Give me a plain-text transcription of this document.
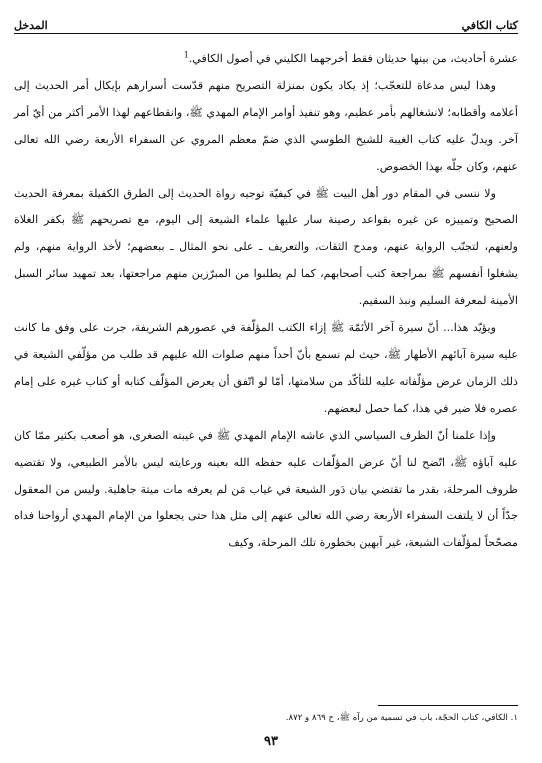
كتاب الكافي
المدخل

عشرة أحاديث، من بينها حديثان فقط أخرجهما الكليني في أصول الكافي.$^1$

وهذا ليس مدعاة للتعجّب؛ إذ يكاد يكون بمنزلة التصريح منهم قدّست أسرارهم بإيكال أمر الحديث إلى أعلامه وأقطابه؛ لانشغالهم بأمر عظيم، وهو تنفيذ أوامر الإمام المهدي ﷺ، وانقطاعهم لهذا الأمر أكثر من أيّ أمر آخر. ويدلّ عليه كتاب الغيبة للشيخ الطوسي الذي ضمّ معظم المروي عن السفراء الأربعة رضي الله تعالى عنهم، وكان جلّه بهذا الخصوص.

ولا ننسى في المقام دور أهل البيت ﷺ في كيفيّة توجيه رواة الحديث إلى الطرق الكفيلة بمعرفة الحديث الصحيح وتمييزه عن غيره بقواعد رصينة سار عليها علماء الشيعة إلى اليوم، مع تصريحهم ﷺ بكفر الغلاة ولعنهم، لتجنّب الرواية عنهم، ومدح الثقات، والتعريف ـ على نحو المثال ـ ببعضهم؛ لأخذ الرواية منهم، ولم يشغلوا أنفسهم ﷺ بمراجعة كتب أصحابهم، كما لم يطلبوا من المبرّزين منهم مراجعتها، بعد تمهيد سائر السبل الأمينة لمعرفة السليم ونبذ السقيم.

ويؤيّد هذا... أنّ سيرة آخر الأئمّة ﷺ إزاء الكتب المؤلّفة في عصورهم الشريفة، جرت على وفق ما كانت عليه سيرة آبائهم الأطهار ﷺ، حيث لم نسمع بأنّ أحداً منهم صلوات الله عليهم قد طلب من مؤلّفي الشيعة في ذلك الزمان عرض مؤلّفاته عليه للتأكّد من سلامتها، أمّا لو اتّفق أن يعرض المؤلّف كتابه أو كتاب غيره على إمام عصره فلا ضير في هذا، كما حصل لبعضهم.

وإذا علمنا أنّ الظرف السياسي الذي عاشه الإمام المهدي ﷺ في غيبته الصغرى، هو أصعب بكثير ممّا كان عليه آباؤه ﷺ، اتّضح لنا أنّ عرض المؤلّفات عليه حفظه الله بعينه ورعايته ليس بالأمر الطبيعي، ولا تقتضيه ظروف المرحلة، بقدر ما تقتضي بيان دَور الشيعة في غياب مَن لم يعرفه مات ميتة جاهلية. وليس من المعقول جدّاً أن لا يلتفت السفراء الأربعة رضي الله تعالى عنهم إلى مثل هذا حتى يجعلوا من الإمام المهدي أرواحنا فداه مصحّحاً لمؤلّفات الشيعة، غير آبهين بخطورة تلك المرحلة، وكيف

١. الكافي، كتاب الحجّة، باب في تسمية من رآه ﷺ، ح ٨٦٩ و ٨٧٢.
٩٣
